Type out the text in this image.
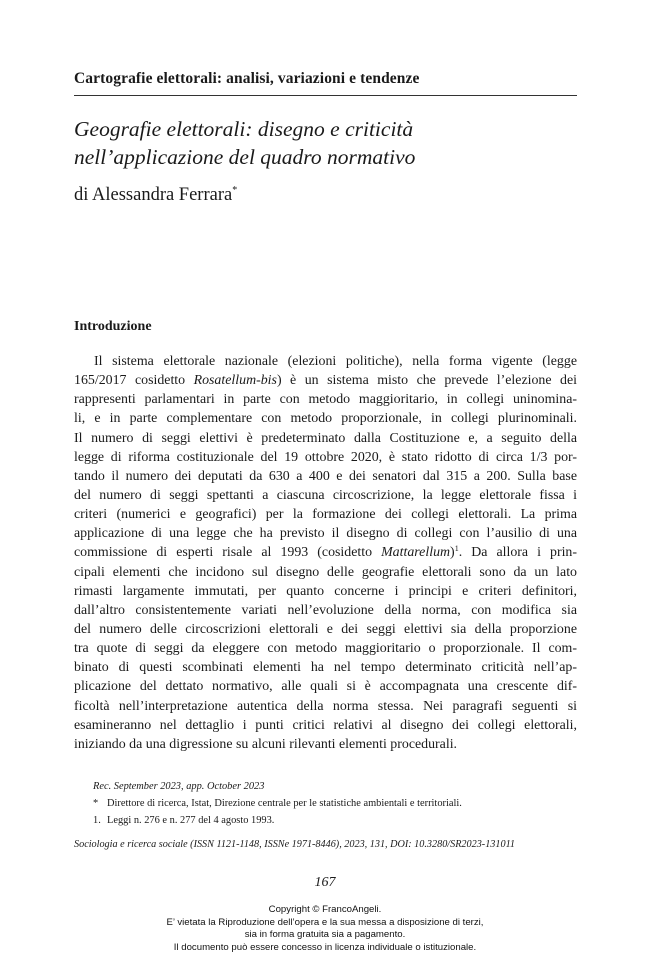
Cartografie elettorali: analisi, variazioni e tendenze
Geografie elettorali: disegno e criticità
nell’applicazione del quadro normativo
di Alessandra Ferrara*
Introduzione
Il sistema elettorale nazionale (elezioni politiche), nella forma vigente (legge
165/2017 cosidetto Rosatellum-bis) è un sistema misto che prevede l’elezione dei
rappresenti parlamentari in parte con metodo maggioritario, in collegi uninomina-
li, e in parte complementare con metodo proporzionale, in collegi plurinominali.
Il numero di seggi elettivi è predeterminato dalla Costituzione e, a seguito della
legge di riforma costituzionale del 19 ottobre 2020, è stato ridotto di circa 1/3 por-
tando il numero dei deputati da 630 a 400 e dei senatori dal 315 a 200. Sulla base
del numero di seggi spettanti a ciascuna circoscrizione, la legge elettorale fissa i
criteri (numerici e geografici) per la formazione dei collegi elettorali. La prima
applicazione di una legge che ha previsto il disegno di collegi con l’ausilio di una
commissione di esperti risale al 1993 (cosidetto Mattarellum)$^1$. Da allora i prin-
cipali elementi che incidono sul disegno delle geografie elettorali sono da un lato
rimasti largamente immutati, per quanto concerne i principi e criteri definitori,
dall’altro consistentemente variati nell’evoluzione della norma, con modifica sia
del numero delle circoscrizioni elettorali e dei seggi elettivi sia della proporzione
tra quote di seggi da eleggere con metodo maggioritario o proporzionale. Il com-
binato di questi scombinati elementi ha nel tempo determinato criticità nell’ap-
plicazione del dettato normativo, alle quali si è accompagnata una crescente dif-
ficoltà nell’interpretazione autentica della norma stessa. Nei paragrafi seguenti si
esamineranno nel dettaglio i punti critici relativi al disegno dei collegi elettorali,
iniziando da una digressione su alcuni rilevanti elementi procedurali.
Rec. September 2023, app. October 2023
* Direttore di ricerca, Istat, Direzione centrale per le statistiche ambientali e territoriali.
1. Leggi n. 276 e n. 277 del 4 agosto 1993.
Sociologia e ricerca sociale (ISSN 1121-1148, ISSNe 1971-8446), 2023, 131, DOI: 10.3280/SR2023-131011
167
Copyright © FrancoAngeli.
E’ vietata la Riproduzione dell’opera e la sua messa a disposizione di terzi,
sia in forma gratuita sia a pagamento.
Il documento può essere concesso in licenza individuale o istituzionale.
